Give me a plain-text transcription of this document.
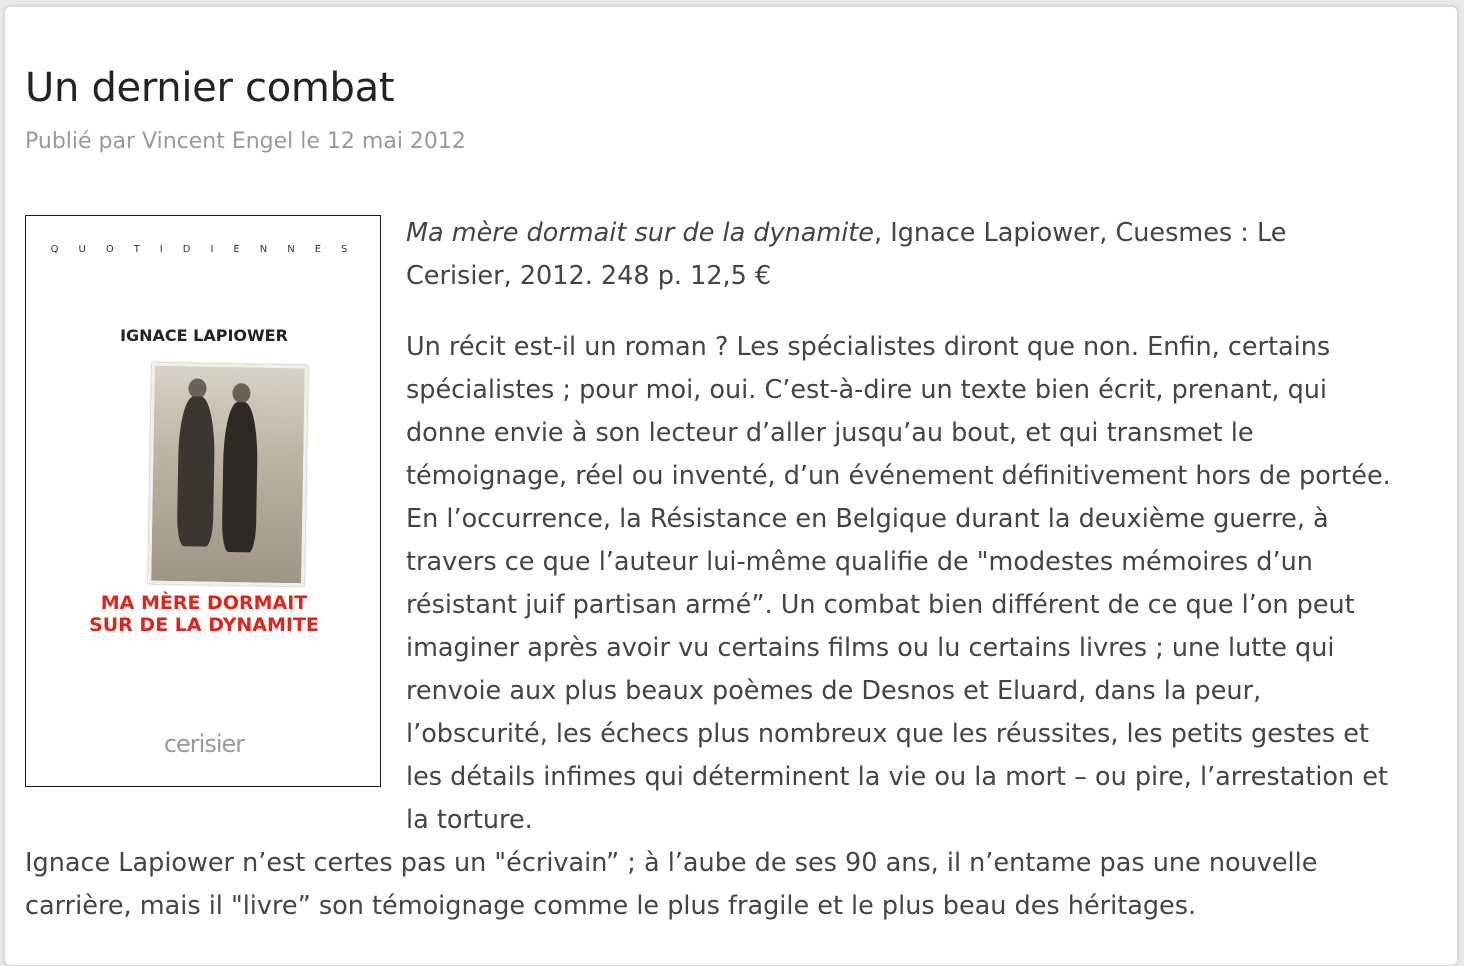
Un dernier combat
Publié par Vincent Engel le 12 mai 2012
QUOTIDIENNES
IGNACE LAPIOWER
MA MÈRE DORMAIT
SUR DE LA DYNAMITE
cerisier
Ma mère dormait sur de la dynamite, Ignace Lapiower, Cuesmes : Le
Cerisier, 2012. 248 p. 12,5 €
Un récit est-il un roman ? Les spécialistes diront que non. Enfin, certains
spécialistes ; pour moi, oui. C’est-à-dire un texte bien écrit, prenant, qui
donne envie à son lecteur d’aller jusqu’au bout, et qui transmet le
témoignage, réel ou inventé, d’un événement définitivement hors de portée.
En l’occurrence, la Résistance en Belgique durant la deuxième guerre, à
travers ce que l’auteur lui-même qualifie de "modestes mémoires d’un
résistant juif partisan armé”. Un combat bien différent de ce que l’on peut
imaginer après avoir vu certains films ou lu certains livres ; une lutte qui
renvoie aux plus beaux poèmes de Desnos et Eluard, dans la peur,
l’obscurité, les échecs plus nombreux que les réussites, les petits gestes et
les détails infimes qui déterminent la vie ou la mort – ou pire, l’arrestation et
la torture.
Ignace Lapiower n’est certes pas un "écrivain” ; à l’aube de ses 90 ans, il n’entame pas une nouvelle
carrière, mais il "livre” son témoignage comme le plus fragile et le plus beau des héritages.
